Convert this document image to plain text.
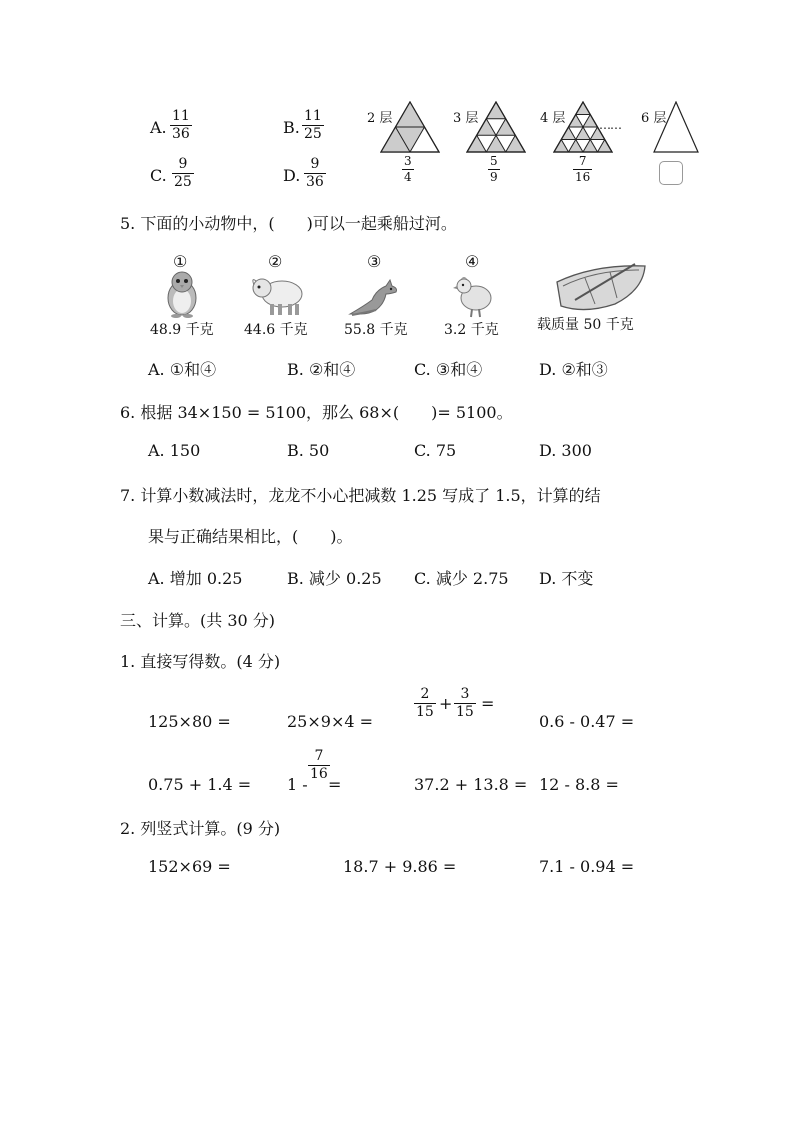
A.
11
36	B.
11
25
C.
9
25	D.
9
36
2 层	3 层	4 层	6 层
……
3
4
5
9
7
16
5. 下面的小动物中，(　　)可以一起乘船过河。
①	②	③	④
48.9 千克 44.6 千克	55.8 千克	3.2 千克	载质量 50 千克
A. ①和④	B. ②和④	C. ③和④	D. ②和③
6. 根据 34×150 = 5100，那么 68×(　　)= 5100。
A. 150	B. 50	C. 75	D. 300
7. 计算小数减法时，龙龙不小心把减数 1.25 写成了 1.5，计算的结
果与正确结果相比，(　　)。
A. 增加 0.25	B. 减少 0.25 C. 减少 2.75 D. 不变
三、计算。(共 30 分)
1. 直接写得数。(4 分)
125×80 =	25×9×4 =
2
15 + 3
15 =
0.6 - 0.47 =
0.75 + 1.4 = 1 -
7
16
=	37.2 + 13.8 = 12 - 8.8 =
2. 列竖式计算。(9 分)
152×69 =	18.7 + 9.86 =	7.1 - 0.94 =
